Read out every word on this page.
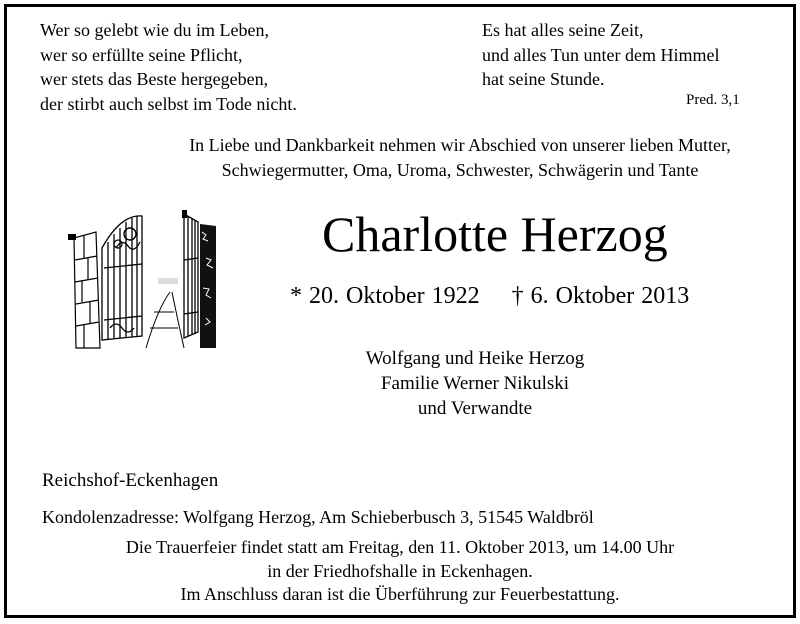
Wer so gelebt wie du im Leben,
wer so erfüllte seine Pflicht,
wer stets das Beste hergegeben,
der stirbt auch selbst im Tode nicht.
Es hat alles seine Zeit,
und alles Tun unter dem Himmel
hat seine Stunde.
Pred. 3,1
In Liebe und Dankbarkeit nehmen wir Abschied von unserer lieben Mutter,
Schwiegermutter, Oma, Uroma, Schwester, Schwägerin und Tante
Charlotte Herzog
* 20. Oktober 1922 † 6. Oktober 2013
Wolfgang und Heike Herzog
Familie Werner Nikulski
und Verwandte
Reichshof-Eckenhagen
Kondolenzadresse: Wolfgang Herzog, Am Schieberbusch 3, 51545 Waldbröl
Die Trauerfeier findet statt am Freitag, den 11. Oktober 2013, um 14.00 Uhr
in der Friedhofshalle in Eckenhagen.
Im Anschluss daran ist die Überführung zur Feuerbestattung.
